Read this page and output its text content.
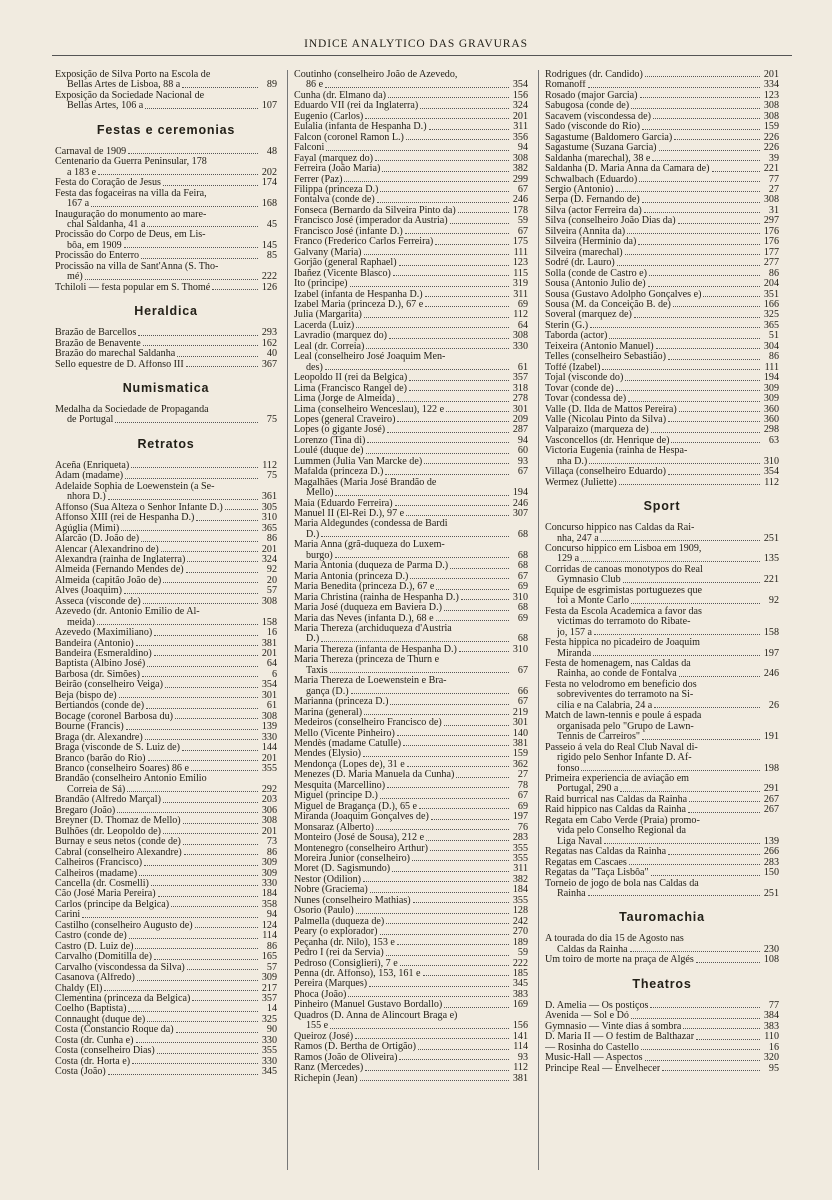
INDICE ANALYTICO DAS GRAVURAS
Exposição de Silva Porto na Escola de
Bellas Artes de Lisboa, 88 a	89
Exposição da Sociedade Nacional de
Bellas Artes, 106 a	107
Festas e ceremonias
Carnaval de 1909	48
Centenario da Guerra Peninsular, 178
a 183 e	202
Festa do Coração de Jesus	174
Festa das fogaceiras na villa da Feira,
167 a	168
Inauguração do monumento ao mare-
chal Saldanha, 41 a	45
Procissão do Corpo de Deus, em Lis-
bôa, em 1909	145
Procissão do Enterro	85
Procissão na villa de Sant'Anna (S. Tho-
mé)	222
Tchiloli — festa popular em S. Thomé	126
Heraldica
Brazão de Barcellos	293
Brazão de Benavente	162
Brazão do marechal Saldanha	40
Sello equestre de D. Affonso III	367
Numismatica
Medalha da Sociedade de Propaganda
de Portugal	75
Retratos
Aceña (Enriqueta)	112
Adam (madame)	75
Adelaide Sophia de Loewenstein (a Se-
nhora D.)	361
Affonso (Sua Alteza o Senhor Infante D.)	305
Affonso XIII (rei de Hespanha D.)	310
Agúglia (Mimi)	365
Alarcão (D. João de)	86
Alencar (Alexandrino de)	201
Alexandra (rainha de Inglaterra)	324
Almeida (Fernando Mendes de)	92
Almeida (capitão João de)	20
Alves (Joaquim)	57
Asseca (visconde de)	308
Azevedo (dr. Antonio Emilio de Al-
meida)	158
Azevedo (Maximiliano)	16
Bandeira (Antonio)	381
Bandeira (Esmeraldino)	201
Baptista (Albino José)	64
Barbosa (dr. Simões)	6
Beirão (conselheiro Veiga)	354
Beja (bispo de)	301
Bertiandos (conde de)	61
Bocage (coronel Barbosa du)	308
Bourne (Francis)	139
Braga (dr. Alexandre)	330
Braga (visconde de S. Luiz de)	144
Branco (barão do Rio)	201
Branco (conselheiro Soares) 86 e	355
Brandão (conselheiro Antonio Emilio
Correia de Sá)	292
Brandão (Alfredo Marçal)	203
Bregaro (João)	306
Breyner (D. Thomaz de Mello)	308
Bulhões (dr. Leopoldo de)	201
Burnay e seus netos (conde de)	73
Cabral (conselheiro Alexandre)	86
Calheiros (Francisco)	309
Calheiros (madame)	309
Cancella (dr. Cosmelli)	330
Cão (José Maria Pereira)	184
Carlos (principe da Belgica)	358
Carini	94
Castilho (conselheiro Augusto de)	124
Castro (conde de)	114
Castro (D. Luiz de)	86
Carvalho (Domitilla de)	165
Carvalho (viscondessa da Silva)	57
Casanova (Alfredo)	309
Chaldy (El)	217
Clementina (princeza da Belgica)	357
Coelho (Baptista)	14
Connaught (duque de)	325
Costa (Constancio Roque da)	90
Costa (dr. Cunha e)	330
Costa (conselheiro Dias)	355
Costa (dr. Horta e)	330
Costa (João)	345
Coutinho (conselheiro João de Azevedo,
86 e	354
Cunha (dr. Elmano da)	156
Eduardo VII (rei da Inglaterra)	324
Eugenio (Carlos)	201
Eulalia (infanta de Hespanha D.)	311
Falcon (coronel Ramon L.)	356
Falconi	94
Fayal (marquez do)	308
Ferreira (João Maria)	382
Ferrer (Paz)	299
Filippa (princeza D.)	67
Fontalva (conde de)	246
Fonseca (Bernardo da Silveira Pinto da)	178
Francisco José (imperador da Austria)	59
Francisco José (infante D.)	67
Franco (Frederico Carlos Ferreira)	175
Galvany (Maria)	111
Gorjão (general Raphael)	123
Ibañez (Vicente Blasco)	115
Ito (principe)	319
Izabel (infanta de Hespanha D.)	311
Izabel Maria (princeza D.), 67 e	69
Julia (Margarita)	112
Lacerda (Luiz)	64
Lavradio (marquez do)	308
Leal (dr. Correia)	330
Leal (conselheiro José Joaquim Men-
des)	61
Leopoldo II (rei da Belgica)	357
Lima (Francisco Rangel de)	318
Lima (Jorge de Almeida)	278
Lima (conselheiro Wenceslau), 122 e	301
Lopes (general Craveiro)	209
Lopes (o gigante José)	287
Lorenzo (Tina di)	94
Loulé (duque de)	60
Lummen (Julia Van Marcke de)	93
Mafalda (princeza D.)	67
Magalhães (Maria José Brandão de
Mello)	194
Maia (Eduardo Ferreira)	246
Manuel II (El-Rei D.), 97 e	307
Maria Aldegundes (condessa de Bardi
D.)	68
Maria Anna (grã-duqueza do Luxem-
burgo)	68
Maria Antonia (duqueza de Parma D.)	68
Maria Antonia (princeza D.)	67
Maria Benedita (princeza D.), 67 e	69
Maria Christina (rainha de Hespanha D.)	310
Maria José (duqueza em Baviera D.)	68
Maria das Neves (infanta D.), 68 e	69
Maria Thereza (archiduqueza d'Austria
D.)	68
Maria Thereza (infanta de Hespanha D.)	310
Maria Thereza (princeza de Thurn e
Taxis	67
Maria Thereza de Loewenstein e Bra-
gança (D.)	66
Marianna (princeza D.)	67
Marina (general)	219
Medeiros (conselheiro Francisco de)	301
Mello (Vicente Pinheiro)	140
Mendès (madame Catulle)	381
Mendes (Elysio)	159
Mendonça (Lopes de), 31 e	362
Menezes (D. Maria Manuela da Cunha)	27
Mesquita (Marcellino)	78
Miguel (principe D.)	67
Miguel de Bragança (D.), 65 e	69
Miranda (Joaquim Gonçalves de)	197
Monsaraz (Alberto)	76
Monteiro (José de Sousa), 212 e	283
Montenegro (conselheiro Arthur)	355
Moreira Junior (conselheiro)	355
Moret (D. Sagismundo)	311
Nestor (Odilion)	382
Nobre (Graciema)	184
Nunes (conselheiro Mathias)	355
Osorio (Paulo)	128
Palmella (duqueza de)	242
Peary (o explorador)	270
Peçanha (dr. Nilo), 153 e	189
Pedro I (rei da Servia)	59
Pedroso (Consiglieri), 7 e	222
Penna (dr. Affonso), 153, 161 e	185
Pereira (Marques)	345
Phoca (João)	383
Pinheiro (Manuel Gustavo Bordallo)	169
Quadros (D. Anna de Alincourt Braga e)
155 e	156
Queiroz (José)	141
Ramos (D. Bertha de Ortigão)	114
Ramos (João de Oliveira)	93
Ranz (Mercedes)	112
Richepin (Jean)	381
Rodrigues (dr. Candido)	201
Romanoff	334
Rosado (major Garcia)	123
Sabugosa (conde de)	308
Sacavem (viscondessa de)	308
Sado (visconde do Rio)	159
Sagastume (Baldomero Garcia)	226
Sagastume (Suzana Garcia)	226
Saldanha (marechal), 38 e	39
Saldanha (D. Maria Anna da Camara de)	221
Schwalbach (Eduardo)	77
Sergio (Antonio)	27
Serpa (D. Fernando de)	308
Silva (actor Ferreira da)	31
Silva (conselheiro João Dias da)	297
Silveira (Annita da)	176
Silveira (Herminio da)	176
Silveira (marechal)	177
Sodré (dr. Lauro)	277
Solla (conde de Castro e)	86
Sousa (Antonio Julio de)	204
Sousa (Gustavo Adolpho Gonçalves e)	351
Sousa (M. da Conceição B. de)	166
Soveral (marquez de)	325
Sterin (G.)	365
Taborda (actor)	51
Teixeira (Antonio Manuel)	304
Telles (conselheiro Sebastião)	86
Toffé (Izabel)	111
Tojal (visconde do)	194
Tovar (conde de)	309
Tovar (condessa de)	309
Valle (D. Ilda de Mattos Pereira)	360
Valle (Nicolau Pinto da Silva)	360
Valparaizo (marqueza de)	298
Vasconcellos (dr. Henrique de)	63
Victoria Eugenia (rainha de Hespa-
nha D.)	310
Villaça (conselheiro Eduardo)	354
Wermez (Juliette)	112
Sport
Concurso hippico nas Caldas da Rai-
nha, 247 a	251
Concurso hippico em Lisboa em 1909,
129 a	135
Corridas de canoas monotypos do Real
Gymnasio Club	221
Equipe de esgrimistas portuguezes que
foi a Monte Carlo	92
Festa da Escola Academica a favor das
victimas do terramoto do Ribate-
jo, 157 a	158
Festa hippica no picadeiro de Joaquim
Miranda	197
Festa de homenagem, nas Caldas da
Rainha, ao conde de Fontalva	246
Festa no velodromo em beneficio dos
sobreviventes do terramoto na Si-
cilia e na Calabria, 24 a	26
Match de lawn-tennis e poule á espada
organisada pelo "Grupo de Lawn-
Tennis de Carreiros"	191
Passeio á vela do Real Club Naval di-
rigido pelo Senhor Infante D. Af-
fonso	198
Primeira experiencia de aviação em
Portugal, 290 a	291
Raid burrical nas Caldas da Rainha	267
Raid hippico nas Caldas da Rainha	267
Regata em Cabo Verde (Praia) promo-
vida pelo Conselho Regional da
Liga Naval	139
Regatas nas Caldas da Rainha	266
Regatas em Cascaes	283
Regatas da "Taça Lisbôa"	150
Torneio de jogo de bola nas Caldas da
Rainha	251
Tauromachia
A tourada do dia 15 de Agosto nas
Caldas da Rainha	230
Um toiro de morte na praça de Algés	108
Theatros
D. Amelia — Os postiços	77
Avenida — Sol e Dó	384
Gymnasio — Vinte dias á sombra	383
D. Maria II — O festim de Balthazar	110
— Rosinha do Castello	16
Music-Hall — Aspectos	320
Principe Real — Envelhecer	95
